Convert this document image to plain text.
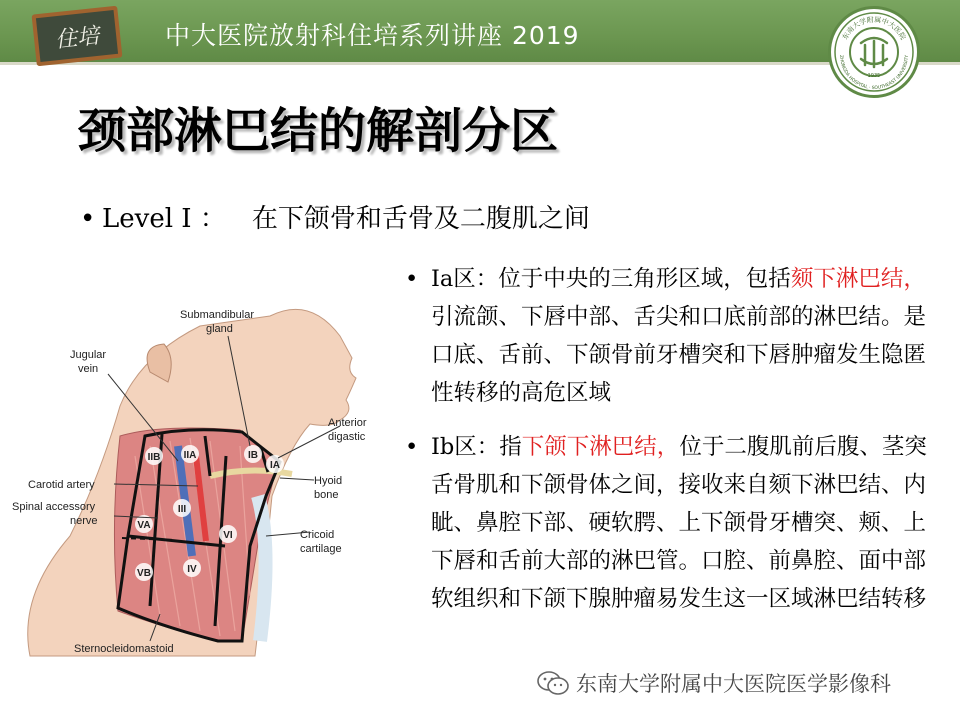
住培	中大医院放射科住培系列讲座 2019	东南大学附属中大医院
ZHONGDA HOSPITAL · SOUTHEAST UNIVERSITY
1935
颈部淋巴结的解剖分区
• Level I ： 在下颌骨和舌骨及二腹肌之间
• Ⅰa区：位于中央的三角形区域，包括颏下淋巴结，引流颌、下唇中部、舌尖和口底前部的淋巴结。是口底、舌前、下颌骨前牙槽突和下唇肿瘤发生隐匿性转移的高危区域

• Ⅰb区：指下颌下淋巴结，位于二腹肌前后腹、茎突舌骨肌和下颌骨体之间，接收来自颏下淋巴结、内眦、鼻腔下部、硬软腭、上下颌骨牙槽突、颊、上下唇和舌前大部的淋巴管。口腔、前鼻腔、面中部软组织和下颌下腺肿瘤易发生这一区域淋巴结转移

IIB IIA	IB
IA
III
VA
VI
IV
VB
Submandibular
gland
Jugular
vein
Anterior
digastic
Carotid artery	Hyoid
bone
Spinal accessory
nerve
Cricoid
cartilage
Sternocleidomastoid
东南大学附属中大医院医学影像科
